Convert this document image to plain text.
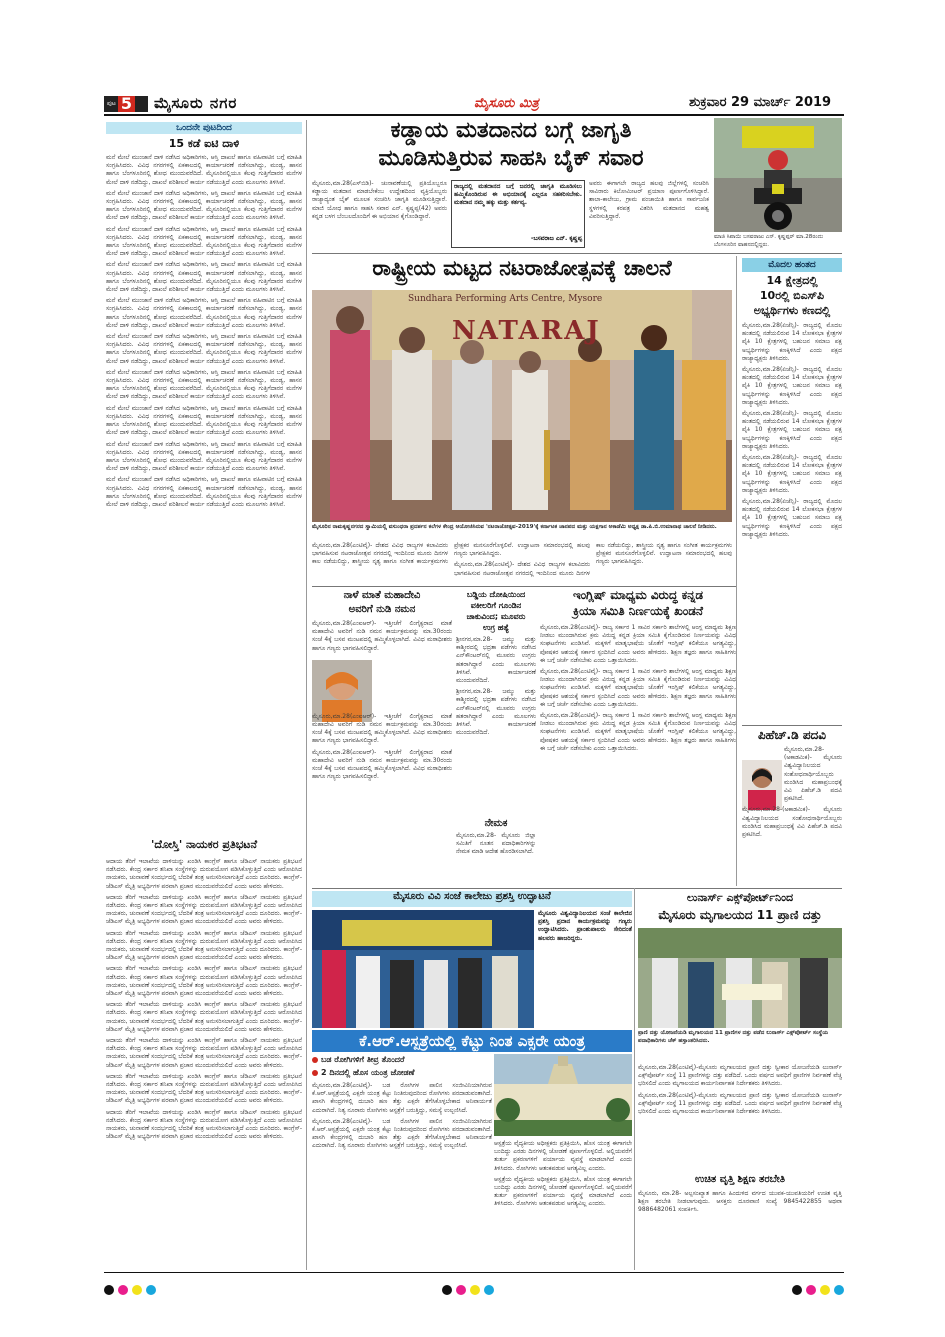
ಪುಟ 5 ಮೈಸೂರು ನಗರ	ಮೈಸೂರು ಮಿತ್ರ	ಶುಕ್ರವಾರ 29 ಮಾರ್ಚ್ 2019
ಒಂದನೇ ಪುಟದಿಂದ
15 ಕಡೆ ಐಟಿ ದಾಳಿ

ಮನೆ ಮೇಲೆ ಮುಂಜಾನೆ ದಾಳಿ ನಡೆಸಿದ ಅಧಿಕಾರಿಗಳು, ಆಸ್ತಿ ದಾಖಲೆ ಹಾಗೂ ವಹಿವಾಟಿನ ಬಗ್ಗೆ ಮಾಹಿತಿ ಸಂಗ್ರಹಿಸಿದರು. ವಿವಿಧ ನಗರಗಳಲ್ಲಿ ಏಕಕಾಲದಲ್ಲಿ ಕಾರ್ಯಾಚರಣೆ ನಡೆಸಲಾಗಿದ್ದು, ಮಂಡ್ಯ, ಹಾಸನ ಹಾಗೂ ಬೆಂಗಳೂರಿನಲ್ಲಿ ಶೋಧ ಮುಂದುವರೆದಿದೆ. ಮೈಸೂರಿನಲ್ಲಿಯೂ ಕೆಲವು ಗುತ್ತಿಗೆದಾರರ ಮನೆಗಳ ಮೇಲೆ ದಾಳಿ ನಡೆದಿದ್ದು, ದಾಖಲೆ ಪರಿಶೀಲನೆ ಕಾರ್ಯ ನಡೆಯುತ್ತಿದೆ ಎಂದು ಮೂಲಗಳು ತಿಳಿಸಿವೆ.

ಮನೆ ಮೇಲೆ ಮುಂಜಾನೆ ದಾಳಿ ನಡೆಸಿದ ಅಧಿಕಾರಿಗಳು, ಆಸ್ತಿ ದಾಖಲೆ ಹಾಗೂ ವಹಿವಾಟಿನ ಬಗ್ಗೆ ಮಾಹಿತಿ ಸಂಗ್ರಹಿಸಿದರು. ವಿವಿಧ ನಗರಗಳಲ್ಲಿ ಏಕಕಾಲದಲ್ಲಿ ಕಾರ್ಯಾಚರಣೆ ನಡೆಸಲಾಗಿದ್ದು, ಮಂಡ್ಯ, ಹಾಸನ ಹಾಗೂ ಬೆಂಗಳೂರಿನಲ್ಲಿ ಶೋಧ ಮುಂದುವರೆದಿದೆ. ಮೈಸೂರಿನಲ್ಲಿಯೂ ಕೆಲವು ಗುತ್ತಿಗೆದಾರರ ಮನೆಗಳ ಮೇಲೆ ದಾಳಿ ನಡೆದಿದ್ದು, ದಾಖಲೆ ಪರಿಶೀಲನೆ ಕಾರ್ಯ ನಡೆಯುತ್ತಿದೆ ಎಂದು ಮೂಲಗಳು ತಿಳಿಸಿವೆ.

ಮನೆ ಮೇಲೆ ಮುಂಜಾನೆ ದಾಳಿ ನಡೆಸಿದ ಅಧಿಕಾರಿಗಳು, ಆಸ್ತಿ ದಾಖಲೆ ಹಾಗೂ ವಹಿವಾಟಿನ ಬಗ್ಗೆ ಮಾಹಿತಿ ಸಂಗ್ರಹಿಸಿದರು. ವಿವಿಧ ನಗರಗಳಲ್ಲಿ ಏಕಕಾಲದಲ್ಲಿ ಕಾರ್ಯಾಚರಣೆ ನಡೆಸಲಾಗಿದ್ದು, ಮಂಡ್ಯ, ಹಾಸನ ಹಾಗೂ ಬೆಂಗಳೂರಿನಲ್ಲಿ ಶೋಧ ಮುಂದುವರೆದಿದೆ. ಮೈಸೂರಿನಲ್ಲಿಯೂ ಕೆಲವು ಗುತ್ತಿಗೆದಾರರ ಮನೆಗಳ ಮೇಲೆ ದಾಳಿ ನಡೆದಿದ್ದು, ದಾಖಲೆ ಪರಿಶೀಲನೆ ಕಾರ್ಯ ನಡೆಯುತ್ತಿದೆ ಎಂದು ಮೂಲಗಳು ತಿಳಿಸಿವೆ.

ಮನೆ ಮೇಲೆ ಮುಂಜಾನೆ ದಾಳಿ ನಡೆಸಿದ ಅಧಿಕಾರಿಗಳು, ಆಸ್ತಿ ದಾಖಲೆ ಹಾಗೂ ವಹಿವಾಟಿನ ಬಗ್ಗೆ ಮಾಹಿತಿ ಸಂಗ್ರಹಿಸಿದರು. ವಿವಿಧ ನಗರಗಳಲ್ಲಿ ಏಕಕಾಲದಲ್ಲಿ ಕಾರ್ಯಾಚರಣೆ ನಡೆಸಲಾಗಿದ್ದು, ಮಂಡ್ಯ, ಹಾಸನ ಹಾಗೂ ಬೆಂಗಳೂರಿನಲ್ಲಿ ಶೋಧ ಮುಂದುವರೆದಿದೆ. ಮೈಸೂರಿನಲ್ಲಿಯೂ ಕೆಲವು ಗುತ್ತಿಗೆದಾರರ ಮನೆಗಳ ಮೇಲೆ ದಾಳಿ ನಡೆದಿದ್ದು, ದಾಖಲೆ ಪರಿಶೀಲನೆ ಕಾರ್ಯ ನಡೆಯುತ್ತಿದೆ ಎಂದು ಮೂಲಗಳು ತಿಳಿಸಿವೆ.

ಮನೆ ಮೇಲೆ ಮುಂಜಾನೆ ದಾಳಿ ನಡೆಸಿದ ಅಧಿಕಾರಿಗಳು, ಆಸ್ತಿ ದಾಖಲೆ ಹಾಗೂ ವಹಿವಾಟಿನ ಬಗ್ಗೆ ಮಾಹಿತಿ ಸಂಗ್ರಹಿಸಿದರು. ವಿವಿಧ ನಗರಗಳಲ್ಲಿ ಏಕಕಾಲದಲ್ಲಿ ಕಾರ್ಯಾಚರಣೆ ನಡೆಸಲಾಗಿದ್ದು, ಮಂಡ್ಯ, ಹಾಸನ ಹಾಗೂ ಬೆಂಗಳೂರಿನಲ್ಲಿ ಶೋಧ ಮುಂದುವರೆದಿದೆ. ಮೈಸೂರಿನಲ್ಲಿಯೂ ಕೆಲವು ಗುತ್ತಿಗೆದಾರರ ಮನೆಗಳ ಮೇಲೆ ದಾಳಿ ನಡೆದಿದ್ದು, ದಾಖಲೆ ಪರಿಶೀಲನೆ ಕಾರ್ಯ ನಡೆಯುತ್ತಿದೆ ಎಂದು ಮೂಲಗಳು ತಿಳಿಸಿವೆ.

ಮನೆ ಮೇಲೆ ಮುಂಜಾನೆ ದಾಳಿ ನಡೆಸಿದ ಅಧಿಕಾರಿಗಳು, ಆಸ್ತಿ ದಾಖಲೆ ಹಾಗೂ ವಹಿವಾಟಿನ ಬಗ್ಗೆ ಮಾಹಿತಿ ಸಂಗ್ರಹಿಸಿದರು. ವಿವಿಧ ನಗರಗಳಲ್ಲಿ ಏಕಕಾಲದಲ್ಲಿ ಕಾರ್ಯಾಚರಣೆ ನಡೆಸಲಾಗಿದ್ದು, ಮಂಡ್ಯ, ಹಾಸನ ಹಾಗೂ ಬೆಂಗಳೂರಿನಲ್ಲಿ ಶೋಧ ಮುಂದುವರೆದಿದೆ. ಮೈಸೂರಿನಲ್ಲಿಯೂ ಕೆಲವು ಗುತ್ತಿಗೆದಾರರ ಮನೆಗಳ ಮೇಲೆ ದಾಳಿ ನಡೆದಿದ್ದು, ದಾಖಲೆ ಪರಿಶೀಲನೆ ಕಾರ್ಯ ನಡೆಯುತ್ತಿದೆ ಎಂದು ಮೂಲಗಳು ತಿಳಿಸಿವೆ.

ಮನೆ ಮೇಲೆ ಮುಂಜಾನೆ ದಾಳಿ ನಡೆಸಿದ ಅಧಿಕಾರಿಗಳು, ಆಸ್ತಿ ದಾಖಲೆ ಹಾಗೂ ವಹಿವಾಟಿನ ಬಗ್ಗೆ ಮಾಹಿತಿ ಸಂಗ್ರಹಿಸಿದರು. ವಿವಿಧ ನಗರಗಳಲ್ಲಿ ಏಕಕಾಲದಲ್ಲಿ ಕಾರ್ಯಾಚರಣೆ ನಡೆಸಲಾಗಿದ್ದು, ಮಂಡ್ಯ, ಹಾಸನ ಹಾಗೂ ಬೆಂಗಳೂರಿನಲ್ಲಿ ಶೋಧ ಮುಂದುವರೆದಿದೆ. ಮೈಸೂರಿನಲ್ಲಿಯೂ ಕೆಲವು ಗುತ್ತಿಗೆದಾರರ ಮನೆಗಳ ಮೇಲೆ ದಾಳಿ ನಡೆದಿದ್ದು, ದಾಖಲೆ ಪರಿಶೀಲನೆ ಕಾರ್ಯ ನಡೆಯುತ್ತಿದೆ ಎಂದು ಮೂಲಗಳು ತಿಳಿಸಿವೆ.

ಮನೆ ಮೇಲೆ ಮುಂಜಾನೆ ದಾಳಿ ನಡೆಸಿದ ಅಧಿಕಾರಿಗಳು, ಆಸ್ತಿ ದಾಖಲೆ ಹಾಗೂ ವಹಿವಾಟಿನ ಬಗ್ಗೆ ಮಾಹಿತಿ ಸಂಗ್ರಹಿಸಿದರು. ವಿವಿಧ ನಗರಗಳಲ್ಲಿ ಏಕಕಾಲದಲ್ಲಿ ಕಾರ್ಯಾಚರಣೆ ನಡೆಸಲಾಗಿದ್ದು, ಮಂಡ್ಯ, ಹಾಸನ ಹಾಗೂ ಬೆಂಗಳೂರಿನಲ್ಲಿ ಶೋಧ ಮುಂದುವರೆದಿದೆ. ಮೈಸೂರಿನಲ್ಲಿಯೂ ಕೆಲವು ಗುತ್ತಿಗೆದಾರರ ಮನೆಗಳ ಮೇಲೆ ದಾಳಿ ನಡೆದಿದ್ದು, ದಾಖಲೆ ಪರಿಶೀಲನೆ ಕಾರ್ಯ ನಡೆಯುತ್ತಿದೆ ಎಂದು ಮೂಲಗಳು ತಿಳಿಸಿವೆ.

ಮನೆ ಮೇಲೆ ಮುಂಜಾನೆ ದಾಳಿ ನಡೆಸಿದ ಅಧಿಕಾರಿಗಳು, ಆಸ್ತಿ ದಾಖಲೆ ಹಾಗೂ ವಹಿವಾಟಿನ ಬಗ್ಗೆ ಮಾಹಿತಿ ಸಂಗ್ರಹಿಸಿದರು. ವಿವಿಧ ನಗರಗಳಲ್ಲಿ ಏಕಕಾಲದಲ್ಲಿ ಕಾರ್ಯಾಚರಣೆ ನಡೆಸಲಾಗಿದ್ದು, ಮಂಡ್ಯ, ಹಾಸನ ಹಾಗೂ ಬೆಂಗಳೂರಿನಲ್ಲಿ ಶೋಧ ಮುಂದುವರೆದಿದೆ. ಮೈಸೂರಿನಲ್ಲಿಯೂ ಕೆಲವು ಗುತ್ತಿಗೆದಾರರ ಮನೆಗಳ ಮೇಲೆ ದಾಳಿ ನಡೆದಿದ್ದು, ದಾಖಲೆ ಪರಿಶೀಲನೆ ಕಾರ್ಯ ನಡೆಯುತ್ತಿದೆ ಎಂದು ಮೂಲಗಳು ತಿಳಿಸಿವೆ.

ಮನೆ ಮೇಲೆ ಮುಂಜಾನೆ ದಾಳಿ ನಡೆಸಿದ ಅಧಿಕಾರಿಗಳು, ಆಸ್ತಿ ದಾಖಲೆ ಹಾಗೂ ವಹಿವಾಟಿನ ಬಗ್ಗೆ ಮಾಹಿತಿ ಸಂಗ್ರಹಿಸಿದರು. ವಿವಿಧ ನಗರಗಳಲ್ಲಿ ಏಕಕಾಲದಲ್ಲಿ ಕಾರ್ಯಾಚರಣೆ ನಡೆಸಲಾಗಿದ್ದು, ಮಂಡ್ಯ, ಹಾಸನ ಹಾಗೂ ಬೆಂಗಳೂರಿನಲ್ಲಿ ಶೋಧ ಮುಂದುವರೆದಿದೆ. ಮೈಸೂರಿನಲ್ಲಿಯೂ ಕೆಲವು ಗುತ್ತಿಗೆದಾರರ ಮನೆಗಳ ಮೇಲೆ ದಾಳಿ ನಡೆದಿದ್ದು, ದಾಖಲೆ ಪರಿಶೀಲನೆ ಕಾರ್ಯ ನಡೆಯುತ್ತಿದೆ ಎಂದು ಮೂಲಗಳು ತಿಳಿಸಿವೆ.

'ದೋಸ್ತಿ' ನಾಯಕರ ಪ್ರತಿಭಟನೆ

ಆದಾಯ ತೆರಿಗೆ ಇಲಾಖೆಯ ದಾಳಿಯನ್ನು ಖಂಡಿಸಿ ಕಾಂಗ್ರೆಸ್ ಹಾಗೂ ಜೆಡಿಎಸ್ ನಾಯಕರು ಪ್ರತಿಭಟನೆ ನಡೆಸಿದರು. ಕೇಂದ್ರ ಸರ್ಕಾರ ತನಿಖಾ ಸಂಸ್ಥೆಗಳನ್ನು ದುರುಪಯೋಗ ಪಡಿಸಿಕೊಳ್ಳುತ್ತಿದೆ ಎಂದು ಆರೋಪಿಸಿದ ನಾಯಕರು, ಚುನಾವಣೆ ಸಂದರ್ಭದಲ್ಲಿ ಬೆದರಿಕೆ ತಂತ್ರ ಅನುಸರಿಸಲಾಗುತ್ತಿದೆ ಎಂದು ದೂರಿದರು. ಕಾಂಗ್ರೆಸ್-ಜೆಡಿಎಸ್ ಮೈತ್ರಿ ಅಭ್ಯರ್ಥಿಗಳ ಪರವಾಗಿ ಪ್ರಚಾರ ಮುಂದುವರೆಯಲಿದೆ ಎಂದು ಅವರು ಹೇಳಿದರು.

ಆದಾಯ ತೆರಿಗೆ ಇಲಾಖೆಯ ದಾಳಿಯನ್ನು ಖಂಡಿಸಿ ಕಾಂಗ್ರೆಸ್ ಹಾಗೂ ಜೆಡಿಎಸ್ ನಾಯಕರು ಪ್ರತಿಭಟನೆ ನಡೆಸಿದರು. ಕೇಂದ್ರ ಸರ್ಕಾರ ತನಿಖಾ ಸಂಸ್ಥೆಗಳನ್ನು ದುರುಪಯೋಗ ಪಡಿಸಿಕೊಳ್ಳುತ್ತಿದೆ ಎಂದು ಆರೋಪಿಸಿದ ನಾಯಕರು, ಚುನಾವಣೆ ಸಂದರ್ಭದಲ್ಲಿ ಬೆದರಿಕೆ ತಂತ್ರ ಅನುಸರಿಸಲಾಗುತ್ತಿದೆ ಎಂದು ದೂರಿದರು. ಕಾಂಗ್ರೆಸ್-ಜೆಡಿಎಸ್ ಮೈತ್ರಿ ಅಭ್ಯರ್ಥಿಗಳ ಪರವಾಗಿ ಪ್ರಚಾರ ಮುಂದುವರೆಯಲಿದೆ ಎಂದು ಅವರು ಹೇಳಿದರು.

ಆದಾಯ ತೆರಿಗೆ ಇಲಾಖೆಯ ದಾಳಿಯನ್ನು ಖಂಡಿಸಿ ಕಾಂಗ್ರೆಸ್ ಹಾಗೂ ಜೆಡಿಎಸ್ ನಾಯಕರು ಪ್ರತಿಭಟನೆ ನಡೆಸಿದರು. ಕೇಂದ್ರ ಸರ್ಕಾರ ತನಿಖಾ ಸಂಸ್ಥೆಗಳನ್ನು ದುರುಪಯೋಗ ಪಡಿಸಿಕೊಳ್ಳುತ್ತಿದೆ ಎಂದು ಆರೋಪಿಸಿದ ನಾಯಕರು, ಚುನಾವಣೆ ಸಂದರ್ಭದಲ್ಲಿ ಬೆದರಿಕೆ ತಂತ್ರ ಅನುಸರಿಸಲಾಗುತ್ತಿದೆ ಎಂದು ದೂರಿದರು. ಕಾಂಗ್ರೆಸ್-ಜೆಡಿಎಸ್ ಮೈತ್ರಿ ಅಭ್ಯರ್ಥಿಗಳ ಪರವಾಗಿ ಪ್ರಚಾರ ಮುಂದುವರೆಯಲಿದೆ ಎಂದು ಅವರು ಹೇಳಿದರು.

ಆದಾಯ ತೆರಿಗೆ ಇಲಾಖೆಯ ದಾಳಿಯನ್ನು ಖಂಡಿಸಿ ಕಾಂಗ್ರೆಸ್ ಹಾಗೂ ಜೆಡಿಎಸ್ ನಾಯಕರು ಪ್ರತಿಭಟನೆ ನಡೆಸಿದರು. ಕೇಂದ್ರ ಸರ್ಕಾರ ತನಿಖಾ ಸಂಸ್ಥೆಗಳನ್ನು ದುರುಪಯೋಗ ಪಡಿಸಿಕೊಳ್ಳುತ್ತಿದೆ ಎಂದು ಆರೋಪಿಸಿದ ನಾಯಕರು, ಚುನಾವಣೆ ಸಂದರ್ಭದಲ್ಲಿ ಬೆದರಿಕೆ ತಂತ್ರ ಅನುಸರಿಸಲಾಗುತ್ತಿದೆ ಎಂದು ದೂರಿದರು. ಕಾಂಗ್ರೆಸ್-ಜೆಡಿಎಸ್ ಮೈತ್ರಿ ಅಭ್ಯರ್ಥಿಗಳ ಪರವಾಗಿ ಪ್ರಚಾರ ಮುಂದುವರೆಯಲಿದೆ ಎಂದು ಅವರು ಹೇಳಿದರು.

ಆದಾಯ ತೆರಿಗೆ ಇಲಾಖೆಯ ದಾಳಿಯನ್ನು ಖಂಡಿಸಿ ಕಾಂಗ್ರೆಸ್ ಹಾಗೂ ಜೆಡಿಎಸ್ ನಾಯಕರು ಪ್ರತಿಭಟನೆ ನಡೆಸಿದರು. ಕೇಂದ್ರ ಸರ್ಕಾರ ತನಿಖಾ ಸಂಸ್ಥೆಗಳನ್ನು ದುರುಪಯೋಗ ಪಡಿಸಿಕೊಳ್ಳುತ್ತಿದೆ ಎಂದು ಆರೋಪಿಸಿದ ನಾಯಕರು, ಚುನಾವಣೆ ಸಂದರ್ಭದಲ್ಲಿ ಬೆದರಿಕೆ ತಂತ್ರ ಅನುಸರಿಸಲಾಗುತ್ತಿದೆ ಎಂದು ದೂರಿದರು. ಕಾಂಗ್ರೆಸ್-ಜೆಡಿಎಸ್ ಮೈತ್ರಿ ಅಭ್ಯರ್ಥಿಗಳ ಪರವಾಗಿ ಪ್ರಚಾರ ಮುಂದುವರೆಯಲಿದೆ ಎಂದು ಅವರು ಹೇಳಿದರು.

ಆದಾಯ ತೆರಿಗೆ ಇಲಾಖೆಯ ದಾಳಿಯನ್ನು ಖಂಡಿಸಿ ಕಾಂಗ್ರೆಸ್ ಹಾಗೂ ಜೆಡಿಎಸ್ ನಾಯಕರು ಪ್ರತಿಭಟನೆ ನಡೆಸಿದರು. ಕೇಂದ್ರ ಸರ್ಕಾರ ತನಿಖಾ ಸಂಸ್ಥೆಗಳನ್ನು ದುರುಪಯೋಗ ಪಡಿಸಿಕೊಳ್ಳುತ್ತಿದೆ ಎಂದು ಆರೋಪಿಸಿದ ನಾಯಕರು, ಚುನಾವಣೆ ಸಂದರ್ಭದಲ್ಲಿ ಬೆದರಿಕೆ ತಂತ್ರ ಅನುಸರಿಸಲಾಗುತ್ತಿದೆ ಎಂದು ದೂರಿದರು. ಕಾಂಗ್ರೆಸ್-ಜೆಡಿಎಸ್ ಮೈತ್ರಿ ಅಭ್ಯರ್ಥಿಗಳ ಪರವಾಗಿ ಪ್ರಚಾರ ಮುಂದುವರೆಯಲಿದೆ ಎಂದು ಅವರು ಹೇಳಿದರು.

ಆದಾಯ ತೆರಿಗೆ ಇಲಾಖೆಯ ದಾಳಿಯನ್ನು ಖಂಡಿಸಿ ಕಾಂಗ್ರೆಸ್ ಹಾಗೂ ಜೆಡಿಎಸ್ ನಾಯಕರು ಪ್ರತಿಭಟನೆ ನಡೆಸಿದರು. ಕೇಂದ್ರ ಸರ್ಕಾರ ತನಿಖಾ ಸಂಸ್ಥೆಗಳನ್ನು ದುರುಪಯೋಗ ಪಡಿಸಿಕೊಳ್ಳುತ್ತಿದೆ ಎಂದು ಆರೋಪಿಸಿದ ನಾಯಕರು, ಚುನಾವಣೆ ಸಂದರ್ಭದಲ್ಲಿ ಬೆದರಿಕೆ ತಂತ್ರ ಅನುಸರಿಸಲಾಗುತ್ತಿದೆ ಎಂದು ದೂರಿದರು. ಕಾಂಗ್ರೆಸ್-ಜೆಡಿಎಸ್ ಮೈತ್ರಿ ಅಭ್ಯರ್ಥಿಗಳ ಪರವಾಗಿ ಪ್ರಚಾರ ಮುಂದುವರೆಯಲಿದೆ ಎಂದು ಅವರು ಹೇಳಿದರು.

ಆದಾಯ ತೆರಿಗೆ ಇಲಾಖೆಯ ದಾಳಿಯನ್ನು ಖಂಡಿಸಿ ಕಾಂಗ್ರೆಸ್ ಹಾಗೂ ಜೆಡಿಎಸ್ ನಾಯಕರು ಪ್ರತಿಭಟನೆ ನಡೆಸಿದರು. ಕೇಂದ್ರ ಸರ್ಕಾರ ತನಿಖಾ ಸಂಸ್ಥೆಗಳನ್ನು ದುರುಪಯೋಗ ಪಡಿಸಿಕೊಳ್ಳುತ್ತಿದೆ ಎಂದು ಆರೋಪಿಸಿದ ನಾಯಕರು, ಚುನಾವಣೆ ಸಂದರ್ಭದಲ್ಲಿ ಬೆದರಿಕೆ ತಂತ್ರ ಅನುಸರಿಸಲಾಗುತ್ತಿದೆ ಎಂದು ದೂರಿದರು. ಕಾಂಗ್ರೆಸ್-ಜೆಡಿಎಸ್ ಮೈತ್ರಿ ಅಭ್ಯರ್ಥಿಗಳ ಪರವಾಗಿ ಪ್ರಚಾರ ಮುಂದುವರೆಯಲಿದೆ ಎಂದು ಅವರು ಹೇಳಿದರು.

ಕಡ್ಡಾಯ ಮತದಾನದ ಬಗ್ಗೆ ಜಾಗೃತಿ
ಮೂಡಿಸುತ್ತಿರುವ ಸಾಹಸಿ ಬೈಕ್ ಸವಾರ

ಮೈಸೂರು,ಮಾ.28(ಎಸ್‌ಬಿಡಿ)- ಚುನಾವಣೆಯಲ್ಲಿ ಪ್ರತಿಯೊಬ್ಬರೂ ಕಡ್ಡಾಯ ಮತದಾನ ಮಾಡಬೇಕೆಂಬ ಉದ್ದೇಶದಿಂದ ವ್ಯಕ್ತಿಯೊಬ್ಬರು ರಾಜ್ಯಾದ್ಯಂತ ಬೈಕ್ ಮೂಲಕ ಸಂಚರಿಸಿ ಜಾಗೃತಿ ಮೂಡಿಸುತ್ತಿದ್ದಾರೆ. ಮಾಜಿ ಯೋಧ ಹಾಗೂ ಸಾಹಸಿ ಸವಾರ ಎನ್. ಕೃಷ್ಣಪ್ಪ(42) ಅವರು ಕನ್ನಡ ಬಳಗ ಬೆಂಬಲದೊಂದಿಗೆ ಈ ಅಭಿಯಾನ ಕೈಗೊಂಡಿದ್ದಾರೆ.

ರಾಜ್ಯದಲ್ಲಿ ಮತದಾನದ ಬಗ್ಗೆ ಜನರಲ್ಲಿ ಜಾಗೃತಿ ಮೂಡಿಸಲು ಹಮ್ಮಿಕೊಂಡಿರುವ ಈ ಅಭಿಯಾನಕ್ಕೆ ಎಲ್ಲರೂ ಸಹಕರಿಸಬೇಕು. ಮತದಾನ ನಮ್ಮ ಹಕ್ಕು ಮತ್ತು ಕರ್ತವ್ಯ.
-ಬಸವರಾಜ ಎನ್. ಕೃಷ್ಣಪ್ಪ

ಅವರು ಈಗಾಗಲೇ ರಾಜ್ಯದ ಹಲವು ಜಿಲ್ಲೆಗಳಲ್ಲಿ ಸಂಚರಿಸಿ ಸಾವಿರಾರು ಕಿಲೋಮೀಟರ್ ಪ್ರಯಾಣ ಪೂರ್ಣಗೊಳಿಸಿದ್ದಾರೆ. ಶಾಲಾ-ಕಾಲೇಜು, ಗ್ರಾಮ ಪಂಚಾಯಿತಿ ಹಾಗೂ ಸಾರ್ವಜನಿಕ ಸ್ಥಳಗಳಲ್ಲಿ ಕರಪತ್ರ ವಿತರಿಸಿ ಮತದಾನದ ಮಹತ್ವ ವಿವರಿಸುತ್ತಿದ್ದಾರೆ.

ಮಾಜಿ ಸಿಪಾಯಿ ಬಸವರಾಜು ಎನ್. ಕೃಷ್ಣಪ್ಪರ್ ಮಾ.28ರಂದು ಬೆಂಗಳೂರಿನ ವಾಹನದಲ್ಲಿದ್ದರು.
ರಾಷ್ಟ್ರೀಯ ಮಟ್ಟದ ನಟರಾಜೋತ್ಸವಕ್ಕೆ ಚಾಲನೆ
Sundhara Performing Arts Centre, Mysore
NATARAJ
ಮೈಸೂರಿನ ರಾಮಕೃಷ್ಣನಗರದ ಸ್ವಾಮಿಯಲ್ಲಿ ವಸುಂಧರಾ ಪ್ರದರ್ಶನ ಕಲೆಗಳ ಕೇಂದ್ರ ಆಯೋಜಿಸಿರುವ 'ನಟರಾಜೋತ್ಸವ-2019'ಕ್ಕೆ ಕರ್ನಾಟಕ ಜಾನಪದ ಮತ್ತು ಯಕ್ಷಗಾನ ಅಕಾಡೆಮಿ ಅಧ್ಯಕ್ಷ ಡಾ.ಪಿ.ಬಿ.ಉಮಾನಾಥ ಚಾಲನೆ ನೀಡಿದರು.

ಮೈಸೂರು,ಮಾ.28(ಎಂಟಿವೈ)- ದೇಶದ ವಿವಿಧ ರಾಜ್ಯಗಳ ಕಲಾವಿದರು ಭಾಗವಹಿಸುವ ನಟರಾಜೋತ್ಸವ ನಗರದಲ್ಲಿ ಇಂದಿನಿಂದ ಮೂರು ದಿನಗಳ ಕಾಲ ನಡೆಯಲಿದ್ದು, ಶಾಸ್ತ್ರೀಯ ನೃತ್ಯ ಹಾಗೂ ಸಂಗೀತ ಕಾರ್ಯಕ್ರಮಗಳು ಪ್ರೇಕ್ಷಕರ ಮನಸೂರೆಗೊಳ್ಳಲಿವೆ. ಉದ್ಘಾಟನಾ ಸಮಾರಂಭದಲ್ಲಿ ಹಲವು ಗಣ್ಯರು ಭಾಗವಹಿಸಿದ್ದರು.

ಮೈಸೂರು,ಮಾ.28(ಎಂಟಿವೈ)- ದೇಶದ ವಿವಿಧ ರಾಜ್ಯಗಳ ಕಲಾವಿದರು ಭಾಗವಹಿಸುವ ನಟರಾಜೋತ್ಸವ ನಗರದಲ್ಲಿ ಇಂದಿನಿಂದ ಮೂರು ದಿನಗಳ ಕಾಲ ನಡೆಯಲಿದ್ದು, ಶಾಸ್ತ್ರೀಯ ನೃತ್ಯ ಹಾಗೂ ಸಂಗೀತ ಕಾರ್ಯಕ್ರಮಗಳು ಪ್ರೇಕ್ಷಕರ ಮನಸೂರೆಗೊಳ್ಳಲಿವೆ. ಉದ್ಘಾಟನಾ ಸಮಾರಂಭದಲ್ಲಿ ಹಲವು ಗಣ್ಯರು ಭಾಗವಹಿಸಿದ್ದರು.

ಮೊದಲ ಹಂತದ
14 ಕ್ಷೇತ್ರದಲ್ಲಿ
10ರಲ್ಲಿ ಬಿಎಸ್‌ಪಿ
ಅಭ್ಯರ್ಥಿಗಳು ಕಣದಲ್ಲಿ

ಮೈಸೂರು,ಮಾ.28(ಏಜೆನ್ಸಿ)- ರಾಜ್ಯದಲ್ಲಿ ಮೊದಲ ಹಂತದಲ್ಲಿ ನಡೆಯಲಿರುವ 14 ಲೋಕಸಭಾ ಕ್ಷೇತ್ರಗಳ ಪೈಕಿ 10 ಕ್ಷೇತ್ರಗಳಲ್ಲಿ ಬಹುಜನ ಸಮಾಜ ಪಕ್ಷ ಅಭ್ಯರ್ಥಿಗಳನ್ನು ಕಣಕ್ಕಿಳಿಸಿದೆ ಎಂದು ಪಕ್ಷದ ರಾಜ್ಯಾಧ್ಯಕ್ಷರು ತಿಳಿಸಿದರು.

ಮೈಸೂರು,ಮಾ.28(ಏಜೆನ್ಸಿ)- ರಾಜ್ಯದಲ್ಲಿ ಮೊದಲ ಹಂತದಲ್ಲಿ ನಡೆಯಲಿರುವ 14 ಲೋಕಸಭಾ ಕ್ಷೇತ್ರಗಳ ಪೈಕಿ 10 ಕ್ಷೇತ್ರಗಳಲ್ಲಿ ಬಹುಜನ ಸಮಾಜ ಪಕ್ಷ ಅಭ್ಯರ್ಥಿಗಳನ್ನು ಕಣಕ್ಕಿಳಿಸಿದೆ ಎಂದು ಪಕ್ಷದ ರಾಜ್ಯಾಧ್ಯಕ್ಷರು ತಿಳಿಸಿದರು.

ಮೈಸೂರು,ಮಾ.28(ಏಜೆನ್ಸಿ)- ರಾಜ್ಯದಲ್ಲಿ ಮೊದಲ ಹಂತದಲ್ಲಿ ನಡೆಯಲಿರುವ 14 ಲೋಕಸಭಾ ಕ್ಷೇತ್ರಗಳ ಪೈಕಿ 10 ಕ್ಷೇತ್ರಗಳಲ್ಲಿ ಬಹುಜನ ಸಮಾಜ ಪಕ್ಷ ಅಭ್ಯರ್ಥಿಗಳನ್ನು ಕಣಕ್ಕಿಳಿಸಿದೆ ಎಂದು ಪಕ್ಷದ ರಾಜ್ಯಾಧ್ಯಕ್ಷರು ತಿಳಿಸಿದರು.

ಮೈಸೂರು,ಮಾ.28(ಏಜೆನ್ಸಿ)- ರಾಜ್ಯದಲ್ಲಿ ಮೊದಲ ಹಂತದಲ್ಲಿ ನಡೆಯಲಿರುವ 14 ಲೋಕಸಭಾ ಕ್ಷೇತ್ರಗಳ ಪೈಕಿ 10 ಕ್ಷೇತ್ರಗಳಲ್ಲಿ ಬಹುಜನ ಸಮಾಜ ಪಕ್ಷ ಅಭ್ಯರ್ಥಿಗಳನ್ನು ಕಣಕ್ಕಿಳಿಸಿದೆ ಎಂದು ಪಕ್ಷದ ರಾಜ್ಯಾಧ್ಯಕ್ಷರು ತಿಳಿಸಿದರು.

ಮೈಸೂರು,ಮಾ.28(ಏಜೆನ್ಸಿ)- ರಾಜ್ಯದಲ್ಲಿ ಮೊದಲ ಹಂತದಲ್ಲಿ ನಡೆಯಲಿರುವ 14 ಲೋಕಸಭಾ ಕ್ಷೇತ್ರಗಳ ಪೈಕಿ 10 ಕ್ಷೇತ್ರಗಳಲ್ಲಿ ಬಹುಜನ ಸಮಾಜ ಪಕ್ಷ ಅಭ್ಯರ್ಥಿಗಳನ್ನು ಕಣಕ್ಕಿಳಿಸಿದೆ ಎಂದು ಪಕ್ಷದ ರಾಜ್ಯಾಧ್ಯಕ್ಷರು ತಿಳಿಸಿದರು.

ಪಿಹೆಚ್.ಡಿ ಪದವಿ

ಮೈಸೂರು,ಮಾ.28-(ಅಕಾಡಮಿಕ)- ಮೈಸೂರು ವಿಶ್ವವಿದ್ಯಾನಿಲಯದ ಸಂಶೋಧನಾರ್ಥಿಯೊಬ್ಬರು ಮಂಡಿಸಿದ ಮಹಾಪ್ರಬಂಧಕ್ಕೆ ವಿವಿ ಪಿಹೆಚ್.ಡಿ ಪದವಿ ಪ್ರಕಟಿಸಿದೆ.

ಮೈಸೂರು,ಮಾ.28-(ಅಕಾಡಮಿಕ)- ಮೈಸೂರು ವಿಶ್ವವಿದ್ಯಾನಿಲಯದ ಸಂಶೋಧನಾರ್ಥಿಯೊಬ್ಬರು ಮಂಡಿಸಿದ ಮಹಾಪ್ರಬಂಧಕ್ಕೆ ವಿವಿ ಪಿಹೆಚ್.ಡಿ ಪದವಿ ಪ್ರಕಟಿಸಿದೆ.

ನಾಳೆ ಮಾತೆ ಮಹಾದೇವಿ
ಅವರಿಗೆ ನುಡಿ ನಮನ

ಮೈಸೂರು,ಮಾ.28(ಎಂಐಆರ್)- ಇತ್ತೀಚೆಗೆ ಲಿಂಗೈಕ್ಯರಾದ ಮಾತೆ ಮಹಾದೇವಿ ಅವರಿಗೆ ನುಡಿ ನಮನ ಕಾರ್ಯಕ್ರಮವನ್ನು ಮಾ.30ರಂದು ಸಂಜೆ 4ಕ್ಕೆ ಬಸವ ಮಂಟಪದಲ್ಲಿ ಹಮ್ಮಿಕೊಳ್ಳಲಾಗಿದೆ. ವಿವಿಧ ಮಠಾಧೀಶರು ಹಾಗೂ ಗಣ್ಯರು ಭಾಗವಹಿಸಲಿದ್ದಾರೆ.

ಮೈಸೂರು,ಮಾ.28(ಎಂಐಆರ್)- ಇತ್ತೀಚೆಗೆ ಲಿಂಗೈಕ್ಯರಾದ ಮಾತೆ ಮಹಾದೇವಿ ಅವರಿಗೆ ನುಡಿ ನಮನ ಕಾರ್ಯಕ್ರಮವನ್ನು ಮಾ.30ರಂದು ಸಂಜೆ 4ಕ್ಕೆ ಬಸವ ಮಂಟಪದಲ್ಲಿ ಹಮ್ಮಿಕೊಳ್ಳಲಾಗಿದೆ. ವಿವಿಧ ಮಠಾಧೀಶರು ಹಾಗೂ ಗಣ್ಯರು ಭಾಗವಹಿಸಲಿದ್ದಾರೆ.

ಮೈಸೂರು,ಮಾ.28(ಎಂಐಆರ್)- ಇತ್ತೀಚೆಗೆ ಲಿಂಗೈಕ್ಯರಾದ ಮಾತೆ ಮಹಾದೇವಿ ಅವರಿಗೆ ನುಡಿ ನಮನ ಕಾರ್ಯಕ್ರಮವನ್ನು ಮಾ.30ರಂದು ಸಂಜೆ 4ಕ್ಕೆ ಬಸವ ಮಂಟಪದಲ್ಲಿ ಹಮ್ಮಿಕೊಳ್ಳಲಾಗಿದೆ. ವಿವಿಧ ಮಠಾಧೀಶರು ಹಾಗೂ ಗಣ್ಯರು ಭಾಗವಹಿಸಲಿದ್ದಾರೆ.

ಬಡ್ಡಿಯ ದೋಷಿಯಿಂದ
ವಕೀಲರಿಗೆ ಗೂಂಡಿನ
ಚಾಕುವಿಂದ; ಮೂವರು
ಉಗ್ರ ಹತ್ಯೆ

ಶ್ರೀನಗರ,ಮಾ.28- ಜಮ್ಮು ಮತ್ತು ಕಾಶ್ಮೀರದಲ್ಲಿ ಭದ್ರತಾ ಪಡೆಗಳು ನಡೆಸಿದ ಎನ್‌ಕೌಂಟರ್‌ನಲ್ಲಿ ಮೂವರು ಉಗ್ರರು ಹತರಾಗಿದ್ದಾರೆ ಎಂದು ಮೂಲಗಳು ತಿಳಿಸಿವೆ. ಕಾರ್ಯಾಚರಣೆ ಮುಂದುವರೆದಿದೆ.

ಶ್ರೀನಗರ,ಮಾ.28- ಜಮ್ಮು ಮತ್ತು ಕಾಶ್ಮೀರದಲ್ಲಿ ಭದ್ರತಾ ಪಡೆಗಳು ನಡೆಸಿದ ಎನ್‌ಕೌಂಟರ್‌ನಲ್ಲಿ ಮೂವರು ಉಗ್ರರು ಹತರಾಗಿದ್ದಾರೆ ಎಂದು ಮೂಲಗಳು ತಿಳಿಸಿವೆ. ಕಾರ್ಯಾಚರಣೆ ಮುಂದುವರೆದಿದೆ.

ನೇಮಕ

ಮೈಸೂರು,ಮಾ.28- ಮೈಸೂರು ಜಿಲ್ಲಾ ಸಮಿತಿಗೆ ನೂತನ ಪದಾಧಿಕಾರಿಗಳನ್ನು ನೇಮಕ ಮಾಡಿ ಆದೇಶ ಹೊರಡಿಸಲಾಗಿದೆ.

ಇಂಗ್ಲಿಷ್ ಮಾಧ್ಯಮ ವಿರುದ್ಧ ಕನ್ನಡ
ಕ್ರಿಯಾ ಸಮಿತಿ ನಿರ್ಣಯಕ್ಕೆ ಖಂಡನೆ

ಮೈಸೂರು,ಮಾ.28(ಎಂಟಿವೈ)- ರಾಜ್ಯ ಸರ್ಕಾರ 1 ಸಾವಿರ ಸರ್ಕಾರಿ ಶಾಲೆಗಳಲ್ಲಿ ಆಂಗ್ಲ ಮಾಧ್ಯಮ ಶಿಕ್ಷಣ ನೀಡಲು ಮುಂದಾಗಿರುವ ಕ್ರಮ ವಿರುದ್ಧ ಕನ್ನಡ ಕ್ರಿಯಾ ಸಮಿತಿ ಕೈಗೊಂಡಿರುವ ನಿರ್ಣಯವನ್ನು ವಿವಿಧ ಸಂಘಟನೆಗಳು ಖಂಡಿಸಿವೆ. ಮಕ್ಕಳಿಗೆ ಮಾತೃಭಾಷೆಯ ಜೊತೆಗೆ ಇಂಗ್ಲಿಷ್ ಕಲಿಕೆಯೂ ಅಗತ್ಯವಿದ್ದು, ಪೋಷಕರ ಆಶಯಕ್ಕೆ ಸರ್ಕಾರ ಸ್ಪಂದಿಸಿದೆ ಎಂದು ಅವರು ಹೇಳಿದರು. ಶಿಕ್ಷಣ ತಜ್ಞರು ಹಾಗೂ ಸಾಹಿತಿಗಳು ಈ ಬಗ್ಗೆ ಚರ್ಚೆ ನಡೆಸಬೇಕು ಎಂದು ಒತ್ತಾಯಿಸಿದರು.

ಮೈಸೂರು,ಮಾ.28(ಎಂಟಿವೈ)- ರಾಜ್ಯ ಸರ್ಕಾರ 1 ಸಾವಿರ ಸರ್ಕಾರಿ ಶಾಲೆಗಳಲ್ಲಿ ಆಂಗ್ಲ ಮಾಧ್ಯಮ ಶಿಕ್ಷಣ ನೀಡಲು ಮುಂದಾಗಿರುವ ಕ್ರಮ ವಿರುದ್ಧ ಕನ್ನಡ ಕ್ರಿಯಾ ಸಮಿತಿ ಕೈಗೊಂಡಿರುವ ನಿರ್ಣಯವನ್ನು ವಿವಿಧ ಸಂಘಟನೆಗಳು ಖಂಡಿಸಿವೆ. ಮಕ್ಕಳಿಗೆ ಮಾತೃಭಾಷೆಯ ಜೊತೆಗೆ ಇಂಗ್ಲಿಷ್ ಕಲಿಕೆಯೂ ಅಗತ್ಯವಿದ್ದು, ಪೋಷಕರ ಆಶಯಕ್ಕೆ ಸರ್ಕಾರ ಸ್ಪಂದಿಸಿದೆ ಎಂದು ಅವರು ಹೇಳಿದರು. ಶಿಕ್ಷಣ ತಜ್ಞರು ಹಾಗೂ ಸಾಹಿತಿಗಳು ಈ ಬಗ್ಗೆ ಚರ್ಚೆ ನಡೆಸಬೇಕು ಎಂದು ಒತ್ತಾಯಿಸಿದರು.

ಮೈಸೂರು,ಮಾ.28(ಎಂಟಿವೈ)- ರಾಜ್ಯ ಸರ್ಕಾರ 1 ಸಾವಿರ ಸರ್ಕಾರಿ ಶಾಲೆಗಳಲ್ಲಿ ಆಂಗ್ಲ ಮಾಧ್ಯಮ ಶಿಕ್ಷಣ ನೀಡಲು ಮುಂದಾಗಿರುವ ಕ್ರಮ ವಿರುದ್ಧ ಕನ್ನಡ ಕ್ರಿಯಾ ಸಮಿತಿ ಕೈಗೊಂಡಿರುವ ನಿರ್ಣಯವನ್ನು ವಿವಿಧ ಸಂಘಟನೆಗಳು ಖಂಡಿಸಿವೆ. ಮಕ್ಕಳಿಗೆ ಮಾತೃಭಾಷೆಯ ಜೊತೆಗೆ ಇಂಗ್ಲಿಷ್ ಕಲಿಕೆಯೂ ಅಗತ್ಯವಿದ್ದು, ಪೋಷಕರ ಆಶಯಕ್ಕೆ ಸರ್ಕಾರ ಸ್ಪಂದಿಸಿದೆ ಎಂದು ಅವರು ಹೇಳಿದರು. ಶಿಕ್ಷಣ ತಜ್ಞರು ಹಾಗೂ ಸಾಹಿತಿಗಳು ಈ ಬಗ್ಗೆ ಚರ್ಚೆ ನಡೆಸಬೇಕು ಎಂದು ಒತ್ತಾಯಿಸಿದರು.

ಮೈಸೂರು ವಿವಿ ಸಂಜೆ ಕಾಲೇಜು ಪ್ರಶಸ್ತಿ ಉದ್ಘಾಟನೆ

ಮೈಸೂರು ವಿಶ್ವವಿದ್ಯಾನಿಲಯದ ಸಂಜೆ ಕಾಲೇಜಿನ ಪ್ರಶಸ್ತಿ ಪ್ರದಾನ ಕಾರ್ಯಕ್ರಮವನ್ನು ಗಣ್ಯರು ಉದ್ಘಾಟಿಸಿದರು. ಪ್ರಾಂಶುಪಾಲರು ಸೇರಿದಂತೆ ಹಲವರು ಹಾಜರಿದ್ದರು.

ಲುನಾರ್ಸ್ ಎಕ್ಸ್‌ಪೋರ್ಟ್‌ನಿಂದ
ಮೈಸೂರು ಮೃಗಾಲಯದ 11 ಪ್ರಾಣಿ ದತ್ತು
ಪ್ರಾಣಿ ದತ್ತು ಯೋಜನೆಯಡಿ ಮೃಗಾಲಯದ 11 ಪ್ರಾಣಿಗಳ ದತ್ತು ಪಡೆದ ಲುನಾರ್ಸ್ ಎಕ್ಸ್‌ಪೋರ್ಟ್ ಸಂಸ್ಥೆಯ ಪದಾಧಿಕಾರಿಗಳು ಚೆಕ್ ಹಸ್ತಾಂತರಿಸಿದರು.

ಮೈಸೂರು,ಮಾ.28(ಎಂಟಿವೈ)-ಮೈಸೂರು ಮೃಗಾಲಯದ ಪ್ರಾಣಿ ದತ್ತು ಸ್ವೀಕಾರ ಯೋಜನೆಯಡಿ ಲುನಾರ್ಸ್ ಎಕ್ಸ್‌ಪೋರ್ಟ್ ಸಂಸ್ಥೆ 11 ಪ್ರಾಣಿಗಳನ್ನು ದತ್ತು ಪಡೆದಿದೆ. ಒಂದು ವರ್ಷದ ಅವಧಿಗೆ ಪ್ರಾಣಿಗಳ ನಿರ್ವಹಣೆ ವೆಚ್ಚ ಭರಿಸಲಿದೆ ಎಂದು ಮೃಗಾಲಯದ ಕಾರ್ಯನಿರ್ವಾಹಕ ನಿರ್ದೇಶಕರು ತಿಳಿಸಿದರು.

ಮೈಸೂರು,ಮಾ.28(ಎಂಟಿವೈ)-ಮೈಸೂರು ಮೃಗಾಲಯದ ಪ್ರಾಣಿ ದತ್ತು ಸ್ವೀಕಾರ ಯೋಜನೆಯಡಿ ಲುನಾರ್ಸ್ ಎಕ್ಸ್‌ಪೋರ್ಟ್ ಸಂಸ್ಥೆ 11 ಪ್ರಾಣಿಗಳನ್ನು ದತ್ತು ಪಡೆದಿದೆ. ಒಂದು ವರ್ಷದ ಅವಧಿಗೆ ಪ್ರಾಣಿಗಳ ನಿರ್ವಹಣೆ ವೆಚ್ಚ ಭರಿಸಲಿದೆ ಎಂದು ಮೃಗಾಲಯದ ಕಾರ್ಯನಿರ್ವಾಹಕ ನಿರ್ದೇಶಕರು ತಿಳಿಸಿದರು.

ಉಚಿತ ವೃತ್ತಿ ಶಿಕ್ಷಣ ತರಬೇತಿ

ಮೈಸೂರು, ಮಾ.28- ಅಲ್ಪಸಂಖ್ಯಾತ ಹಾಗೂ ಹಿಂದುಳಿದ ವರ್ಗದ ಯುವಕ-ಯುವತಿಯರಿಗೆ ಉಚಿತ ವೃತ್ತಿ ಶಿಕ್ಷಣ ತರಬೇತಿ ನೀಡಲಾಗುವುದು. ಆಸಕ್ತರು ದೂರವಾಣಿ ಸಂಖ್ಯೆ 9845422855 ಅಥವಾ 9886482061 ಸಂಪರ್ಕಿಸಿ.

ಕೆ.ಆರ್.ಆಸ್ಪತ್ರೆಯಲ್ಲಿ ಕೆಟ್ಟು ನಿಂತ ಎಕ್ಸರೇ ಯಂತ್ರ
ಬಡ ರೋಗಿಗಳಿಗೆ ತೀವ್ರ ತೊಂದರೆ
2 ದಿನದಲ್ಲಿ ಹೊಸ ಯಂತ್ರ ಜೋಡಣೆ

ಮೈಸೂರು,ಮಾ.28(ಎಂಟಿವೈ)- ಬಡ ರೋಗಿಗಳ ಪಾಲಿನ ಸಂಜೀವಿನಿಯಾಗಿರುವ ಕೆ.ಆರ್.ಆಸ್ಪತ್ರೆಯಲ್ಲಿ ಎಕ್ಸರೇ ಯಂತ್ರ ಕೆಟ್ಟು ನಿಂತಿರುವುದರಿಂದ ರೋಗಿಗಳು ಪರದಾಡುವಂತಾಗಿದೆ. ಖಾಸಗಿ ಕೇಂದ್ರಗಳಲ್ಲಿ ದುಬಾರಿ ಹಣ ತೆತ್ತು ಎಕ್ಸರೇ ತೆಗೆಸಿಕೊಳ್ಳಬೇಕಾದ ಅನಿವಾರ್ಯತೆ ಎದುರಾಗಿದೆ. ನಿತ್ಯ ನೂರಾರು ರೋಗಿಗಳು ಆಸ್ಪತ್ರೆಗೆ ಬರುತ್ತಿದ್ದು, ಸಮಸ್ಯೆ ಉಲ್ಬಣಿಸಿದೆ.

ಮೈಸೂರು,ಮಾ.28(ಎಂಟಿವೈ)- ಬಡ ರೋಗಿಗಳ ಪಾಲಿನ ಸಂಜೀವಿನಿಯಾಗಿರುವ ಕೆ.ಆರ್.ಆಸ್ಪತ್ರೆಯಲ್ಲಿ ಎಕ್ಸರೇ ಯಂತ್ರ ಕೆಟ್ಟು ನಿಂತಿರುವುದರಿಂದ ರೋಗಿಗಳು ಪರದಾಡುವಂತಾಗಿದೆ. ಖಾಸಗಿ ಕೇಂದ್ರಗಳಲ್ಲಿ ದುಬಾರಿ ಹಣ ತೆತ್ತು ಎಕ್ಸರೇ ತೆಗೆಸಿಕೊಳ್ಳಬೇಕಾದ ಅನಿವಾರ್ಯತೆ ಎದುರಾಗಿದೆ. ನಿತ್ಯ ನೂರಾರು ರೋಗಿಗಳು ಆಸ್ಪತ್ರೆಗೆ ಬರುತ್ತಿದ್ದು, ಸಮಸ್ಯೆ ಉಲ್ಬಣಿಸಿದೆ.	ಆಸ್ಪತ್ರೆಯ ವೈದ್ಯಕೀಯ ಅಧೀಕ್ಷಕರು ಪ್ರತಿಕ್ರಿಯಿಸಿ, ಹೊಸ ಯಂತ್ರ ಈಗಾಗಲೇ ಬಂದಿದ್ದು ಎರಡು ದಿನಗಳಲ್ಲಿ ಜೋಡಣೆ ಪೂರ್ಣಗೊಳ್ಳಲಿದೆ. ಅಲ್ಲಿಯವರೆಗೆ ತುರ್ತು ಪ್ರಕರಣಗಳಿಗೆ ಪರ್ಯಾಯ ವ್ಯವಸ್ಥೆ ಮಾಡಲಾಗಿದೆ ಎಂದು ತಿಳಿಸಿದರು. ರೋಗಿಗಳು ಆತಂಕಪಡುವ ಅಗತ್ಯವಿಲ್ಲ ಎಂದರು.

ಆಸ್ಪತ್ರೆಯ ವೈದ್ಯಕೀಯ ಅಧೀಕ್ಷಕರು ಪ್ರತಿಕ್ರಿಯಿಸಿ, ಹೊಸ ಯಂತ್ರ ಈಗಾಗಲೇ ಬಂದಿದ್ದು ಎರಡು ದಿನಗಳಲ್ಲಿ ಜೋಡಣೆ ಪೂರ್ಣಗೊಳ್ಳಲಿದೆ. ಅಲ್ಲಿಯವರೆಗೆ ತುರ್ತು ಪ್ರಕರಣಗಳಿಗೆ ಪರ್ಯಾಯ ವ್ಯವಸ್ಥೆ ಮಾಡಲಾಗಿದೆ ಎಂದು ತಿಳಿಸಿದರು. ರೋಗಿಗಳು ಆತಂಕಪಡುವ ಅಗತ್ಯವಿಲ್ಲ ಎಂದರು.
